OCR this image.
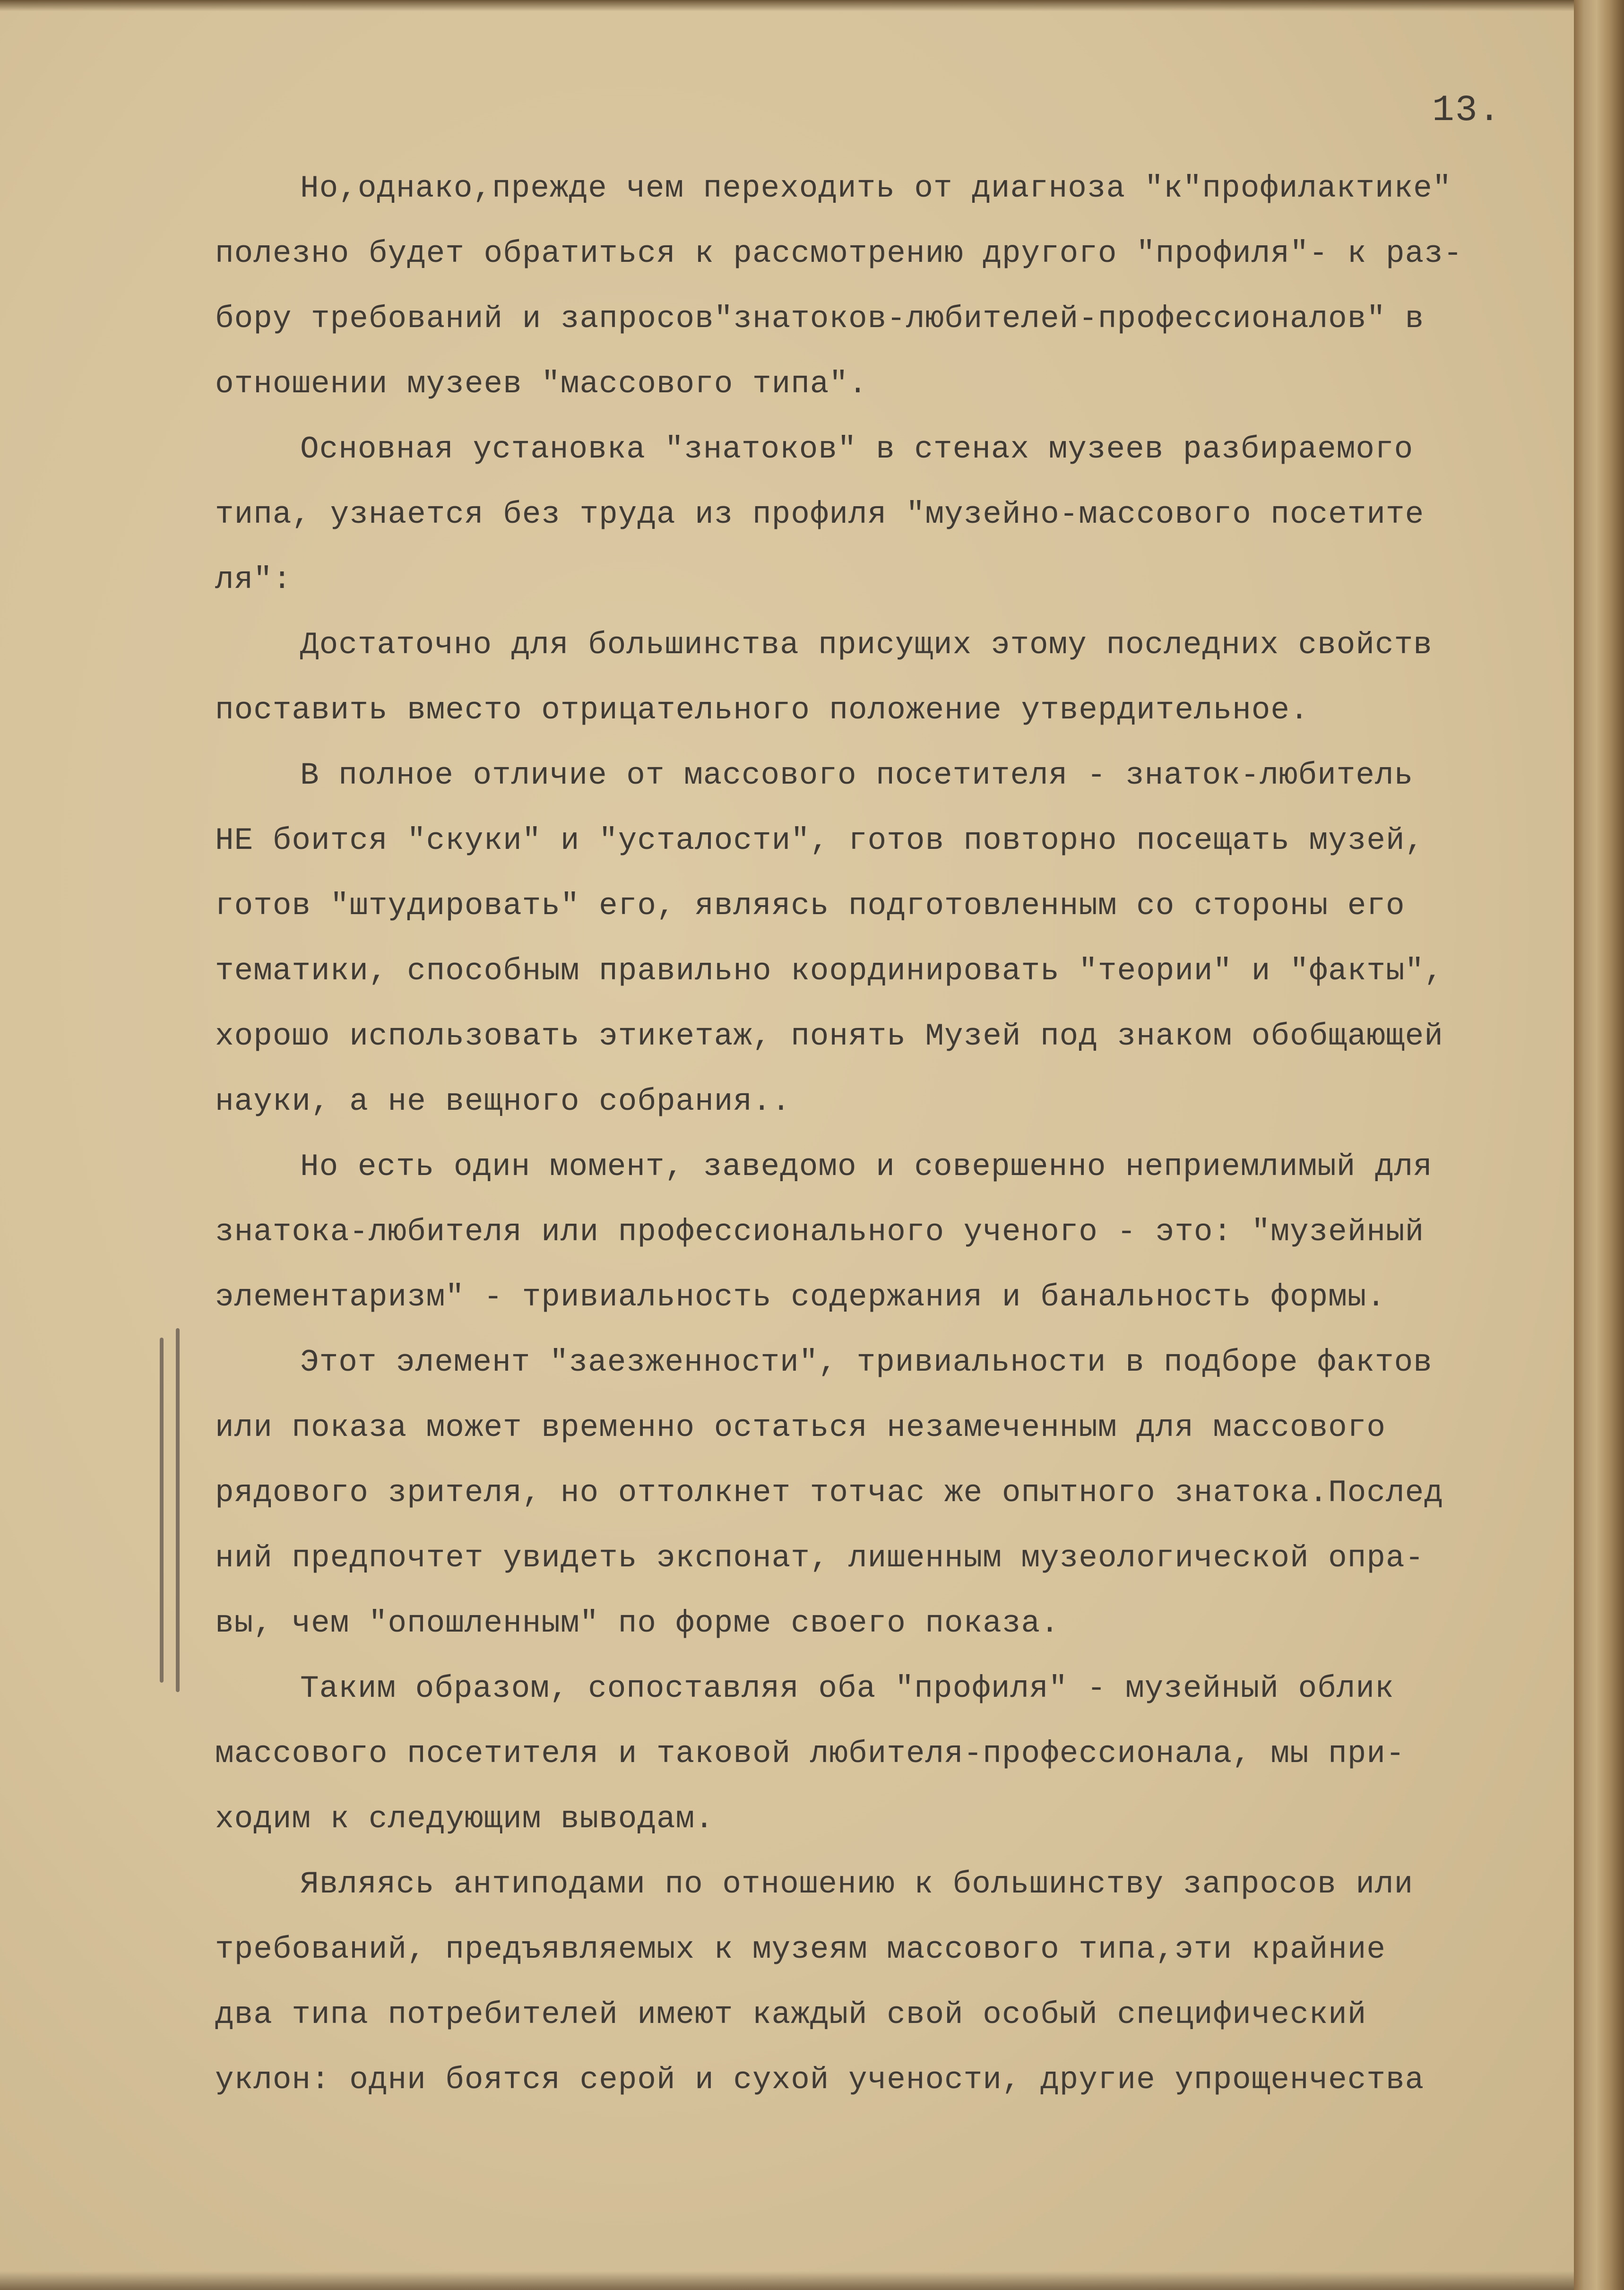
13.
Но,однако,прежде чем переходить от диагноза "к"профилактике"
полезно будет обратиться к рассмотрению другого "профиля"- к раз-
бору требований и запросов"знатоков-любителей-профессионалов" в
отношении музеев "массового типа".
Основная установка "знатоков" в стенах музеев разбираемого
типа, узнается без труда из профиля "музейно-массового посетите
ля":
Достаточно для большинства присущих этому последних свойств
поставить вместо отрицательного положение утвердительное.
В полное отличие от массового посетителя - знаток-любитель
НЕ боится "скуки" и "усталости", готов повторно посещать музей,
готов "штудировать" его, являясь подготовленным со стороны его
тематики, способным правильно координировать "теории" и "факты",
хорошо использовать этикетаж, понять Музей под знаком обобщающей
науки, а не вещного собрания..
Но есть один момент, заведомо и совершенно неприемлимый для
знатока-любителя или профессионального ученого - это: "музейный
элементаризм" - тривиальность содержания и банальность формы.
Этот элемент "заезженности", тривиальности в подборе фактов
или показа может временно остаться незамеченным для массового
рядового зрителя, но оттолкнет тотчас же опытного знатока.Послед
ний предпочтет увидеть экспонат, лишенным музеологической опра-
вы, чем "опошленным" по форме своего показа.
Таким образом, сопоставляя оба "профиля" - музейный облик
массового посетителя и таковой любителя-профессионала, мы при-
ходим к следующим выводам.
Являясь антиподами по отношению к большинству запросов или
требований, предъявляемых к музеям массового типа,эти крайние
два типа потребителей имеют каждый свой особый специфический
уклон: одни боятся серой и сухой учености, другие упрощенчества
